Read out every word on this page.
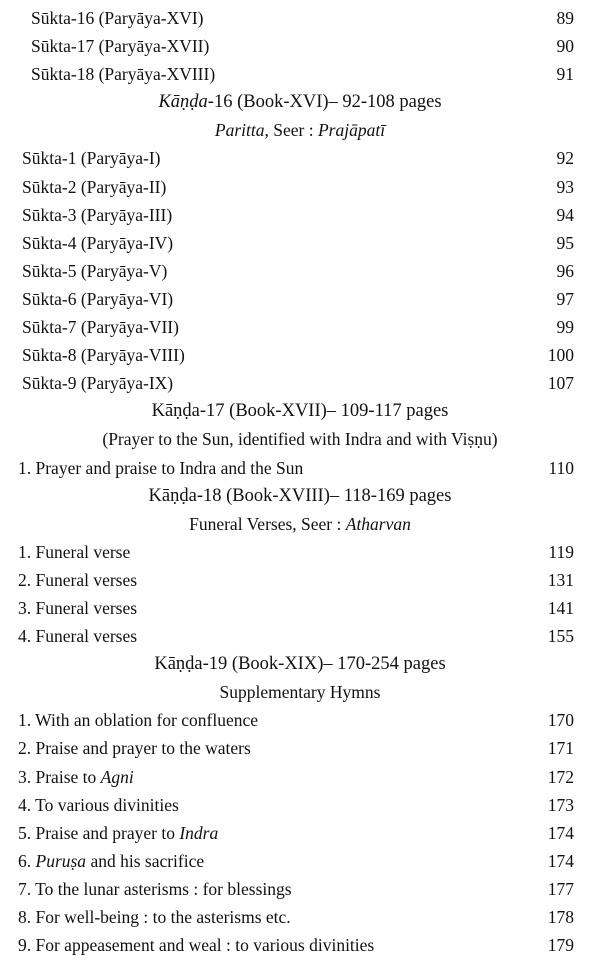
Sūkta-16 (Paryāya-XVI)	89
Sūkta-17 (Paryāya-XVII)	90
Sūkta-18 (Paryāya-XVIII)	91
Kāṇḍa-16 (Book-XVI)– 92-108 pages
Paritta, Seer : Prajāpatī
Sūkta-1 (Paryāya-I)	92
Sūkta-2 (Paryāya-II)	93
Sūkta-3 (Paryāya-III)	94
Sūkta-4 (Paryāya-IV)	95
Sūkta-5 (Paryāya-V)	96
Sūkta-6 (Paryāya-VI)	97
Sūkta-7 (Paryāya-VII)	99
Sūkta-8 (Paryāya-VIII)	100
Sūkta-9 (Paryāya-IX)	107
Kāṇḍa-17 (Book-XVII)– 109-117 pages
(Prayer to the Sun, identified with Indra and with Viṣṇu)
1. Prayer and praise to Indra and the Sun	110
Kāṇḍa-18 (Book-XVIII)– 118-169 pages
Funeral Verses, Seer : Atharvan
1. Funeral verse	119
2. Funeral verses	131
3. Funeral verses	141
4. Funeral verses	155
Kāṇḍa-19 (Book-XIX)– 170-254 pages
Supplementary Hymns
1. With an oblation for confluence	170
2. Praise and prayer to the waters	171
3. Praise to Agni	172
4. To various divinities	173
5. Praise and prayer to Indra	174
6. Puruṣa and his sacrifice	174
7. To the lunar asterisms : for blessings	177
8. For well-being : to the asterisms etc.	178
9. For appeasement and weal : to various divinities	179
